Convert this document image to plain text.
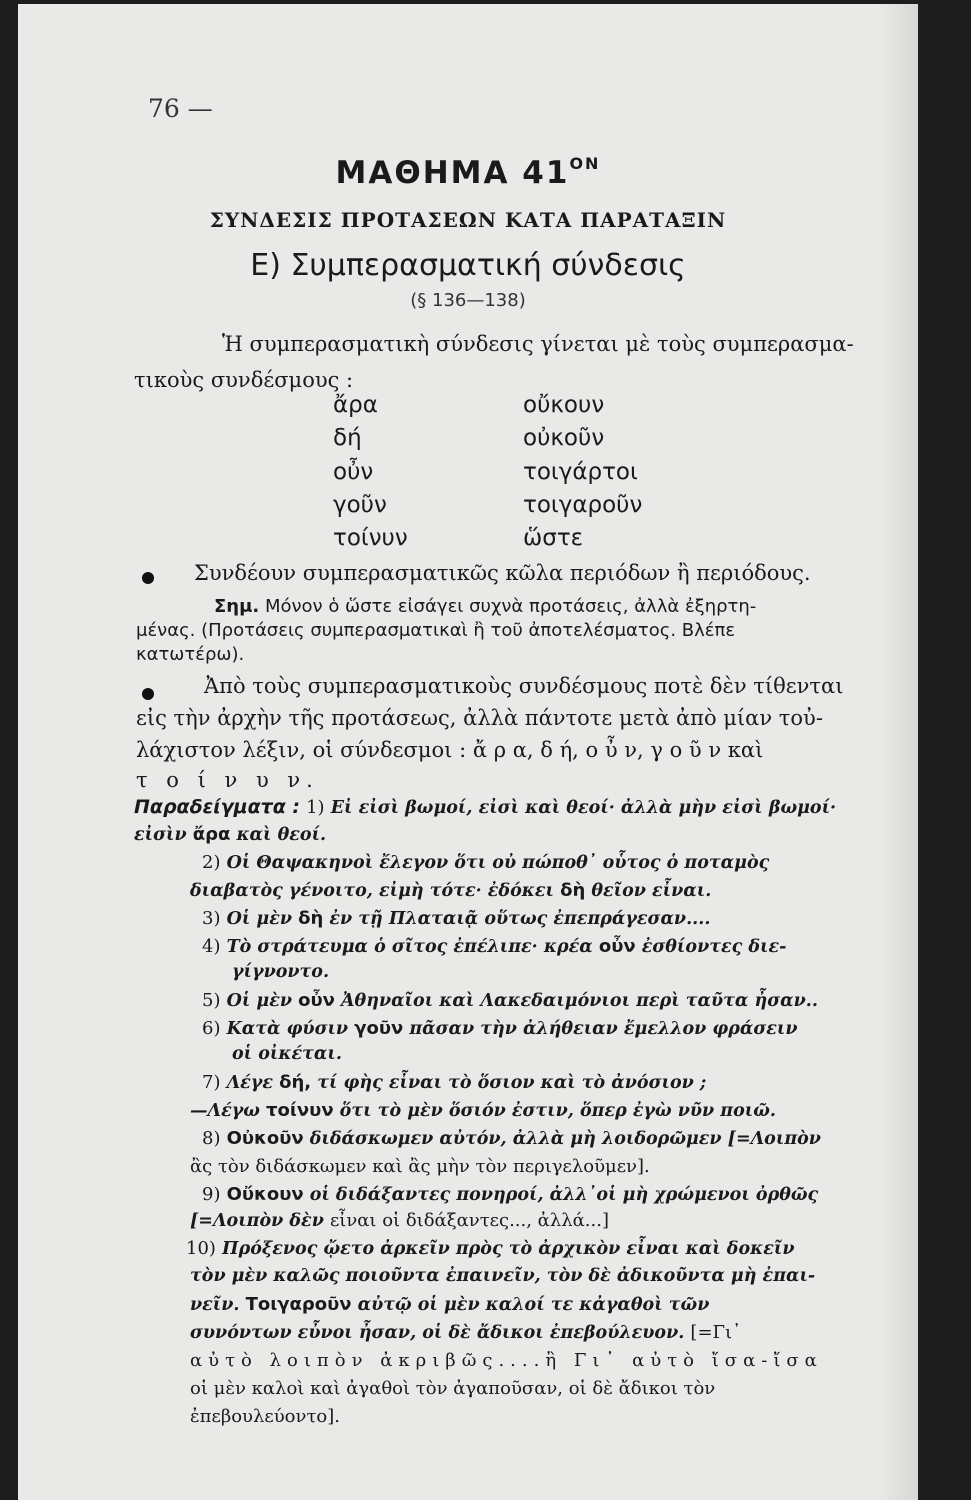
76 —
ΜΑΘΗΜΑ $41^{ON}$
ΣΥΝΔΕΣΙΣ ΠΡΟΤΑΣΕΩΝ ΚΑΤΑ ΠΑΡΑΤΑΞΙΝ
Ε) Συμπερασματική σύνδεσις
(§ 136—138)
Ἡ συμπερασματικὴ σύνδεσις γίνεται μὲ τοὺς συμπερασμα-
τικοὺς συνδέσμους :
ἄρα
δή
οὖν
γοῦν
τοίνυν
οὔκουν
οὐκοῦν
τοιγάρτοι
τοιγαροῦν
ὥστε
Συνδέουν συμπερασματικῶς κῶλα περιόδων ἢ περιόδους.
Σημ. Μόνον ὁ ὥστε εἰσάγει συχνὰ προτάσεις, ἀλλὰ ἐξηρτη-
μένας. (Προτάσεις συμπερασματικαὶ ἢ τοῦ ἀποτελέσματος. Βλέπε
κατωτέρω).
Ἀπὸ τοὺς συμπερασματικοὺς συνδέσμους ποτὲ δὲν τίθενται
εἰς τὴν ἀρχὴν τῆς προτάσεως, ἀλλὰ πάντοτε μετὰ ἀπὸ μίαν τοὐ-
λάχιστον λέξιν, οἱ σύνδεσμοι : ἄ ρ α, δ ή, ο ὖ ν, γ ο ῦ ν καὶ
τ ο ί ν υ ν.
Παραδείγματα : 1) Εἰ εἰσὶ βωμοί, εἰσὶ καὶ θεοί· ἀλλὰ μὴν εἰσὶ βωμοί·
εἰσὶν ἄρα καὶ θεοί.
2) Οἱ Θαψακηνοὶ ἔλεγον ὅτι οὐ πώποθ᾽ οὗτος ὁ ποταμὸς
διαβατὸς γένοιτο, εἰμὴ τότε· ἐδόκει δὴ θεῖον εἶναι.
3) Οἱ μὲν δὴ ἐν τῇ Πλαταιᾷ οὕτως ἐπεπράγεσαν....
4) Τὸ στράτευμα ὁ σῖτος ἐπέλιπε· κρέα οὖν ἐσθίοντες διε-
γίγνοντο.
5) Οἱ μὲν οὖν Ἀθηναῖοι καὶ Λακεδαιμόνιοι περὶ ταῦτα ἦσαν..
6) Κατὰ φύσιν γοῦν πᾶσαν τὴν ἀλήθειαν ἔμελλον φράσειν
οἱ οἰκέται.
7) Λέγε δή, τί φὴς εἶναι τὸ ὅσιον καὶ τὸ ἀνόσιον ;
—Λέγω τοίνυν ὅτι τὸ μὲν ὅσιόν ἐστιν, ὅπερ ἐγὼ νῦν ποιῶ.
8) Οὐκοῦν διδάσκωμεν αὐτόν, ἀλλὰ μὴ λοιδορῶμεν [=Λοιπὸν
ἂς τὸν διδάσκωμεν καὶ ἂς μὴν τὸν περιγελοῦμεν].
9) Οὔκουν οἱ διδάξαντες πονηροί, ἀλλ᾽οἱ μὴ χρώμενοι ὀρθῶς
[=Λοιπὸν δὲν εἶναι οἱ διδάξαντες..., ἀλλά...]
10) Πρόξενος ᾤετο ἀρκεῖν πρὸς τὸ ἀρχικὸν εἶναι καὶ δοκεῖν
τὸν μὲν καλῶς ποιοῦντα ἐπαινεῖν, τὸν δὲ ἀδικοῦντα μὴ ἐπαι-
νεῖν. Τοιγαροῦν αὐτῷ οἱ μὲν καλοί τε κἀγαθοὶ τῶν
συνόντων εὖνοι ἦσαν, οἱ δὲ ἄδικοι ἐπεβούλευον. [=Γι᾽
αὐτὸ λοιπὸν ἀκριβῶς....ἢ Γι᾽ αὐτὸ ἴσα-ἴσα
οἱ μὲν καλοὶ καὶ ἀγαθοὶ τὸν ἀγαποῦσαν, οἱ δὲ ἄδικοι τὸν
ἐπεβουλεύοντο].
